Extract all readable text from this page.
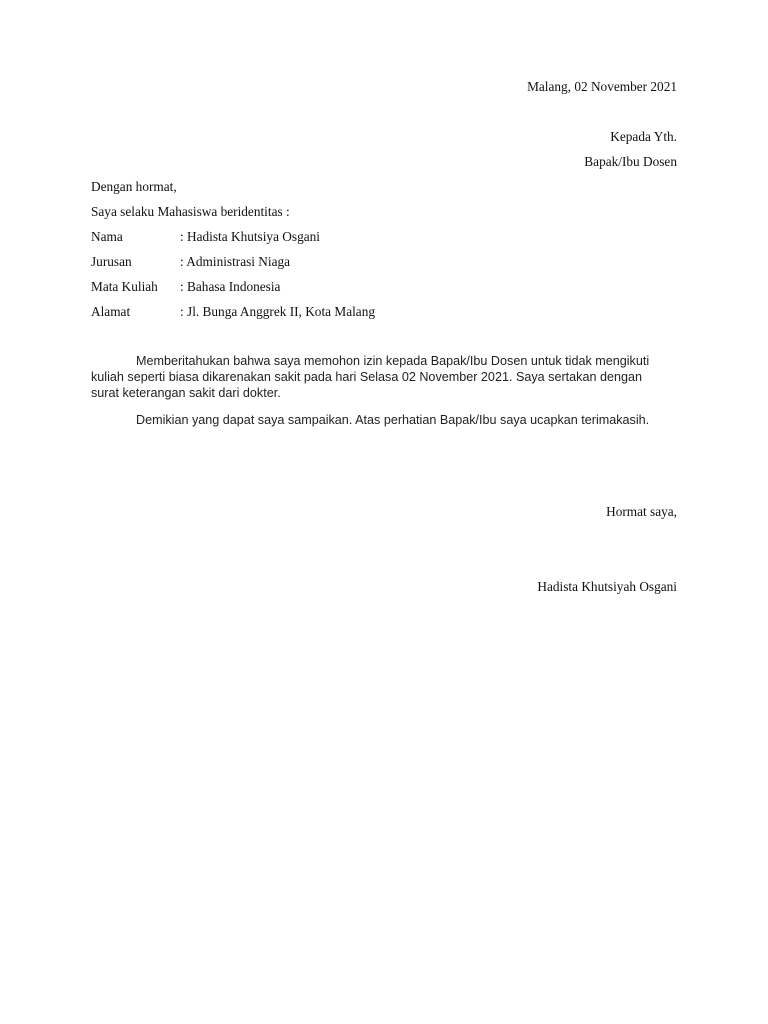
Malang, 02 November 2021
Kepada Yth.
Bapak/Ibu Dosen
Dengan hormat,
Saya selaku Mahasiswa beridentitas :
Nama	: Hadista Khutsiya Osgani
Jurusan	: Administrasi Niaga
Mata Kuliah : Bahasa Indonesia
Alamat	: Jl. Bunga Anggrek II, Kota Malang
Memberitahukan bahwa saya memohon izin kepada Bapak/Ibu Dosen untuk tidak mengikuti kuliah seperti biasa dikarenakan sakit pada hari Selasa 02 November 2021. Saya sertakan dengan surat keterangan sakit dari dokter.
Demikian yang dapat saya sampaikan. Atas perhatian Bapak/Ibu saya ucapkan terimakasih.
Hormat saya,
Hadista Khutsiyah Osgani
